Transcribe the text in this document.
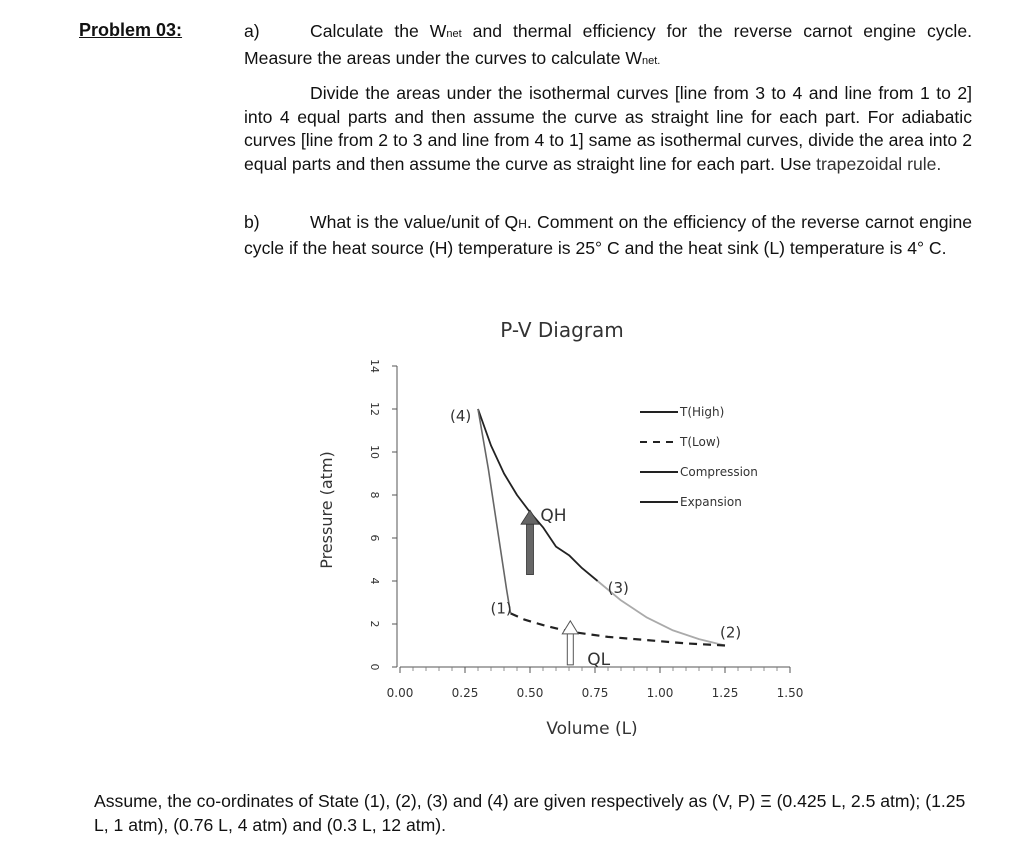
Problem 03:	a)	Calculate the Wnet and thermal efficiency for the reverse carnot engine cycle. Measure the areas under the curves to calculate Wnet.
Divide the areas under the isothermal curves [line from 3 to 4 and line from 1 to 2] into 4 equal parts and then assume the curve as straight line for each part. For adiabatic curves [line from 2 to 3 and line from 4 to 1] same as isothermal curves, divide the area into 2 equal parts and then assume the curve as straight line for each part. Use trapezoidal rule.
b)	What is the value/unit of QH. Comment on the efficiency of the reverse carnot engine cycle if the heat source (H) temperature is 25° C and the heat sink (L) temperature is 4° C.
P-V Diagram
0
2
4
6
8
10
12
14
0.00	0.25	0.50	0.75	1.00	1.25	1.50
Volume (L)
Pressure (atm)
(1)
(2)
(3)
(4)
QH
QL
T(High)
T(Low)
Compression
Expansion
Assume, the co-ordinates of State (1), (2), (3) and (4) are given respectively as (V, P) Ξ (0.425 L, 2.5 atm); (1.25 L, 1 atm), (0.76 L, 4 atm) and (0.3 L, 12 atm).
